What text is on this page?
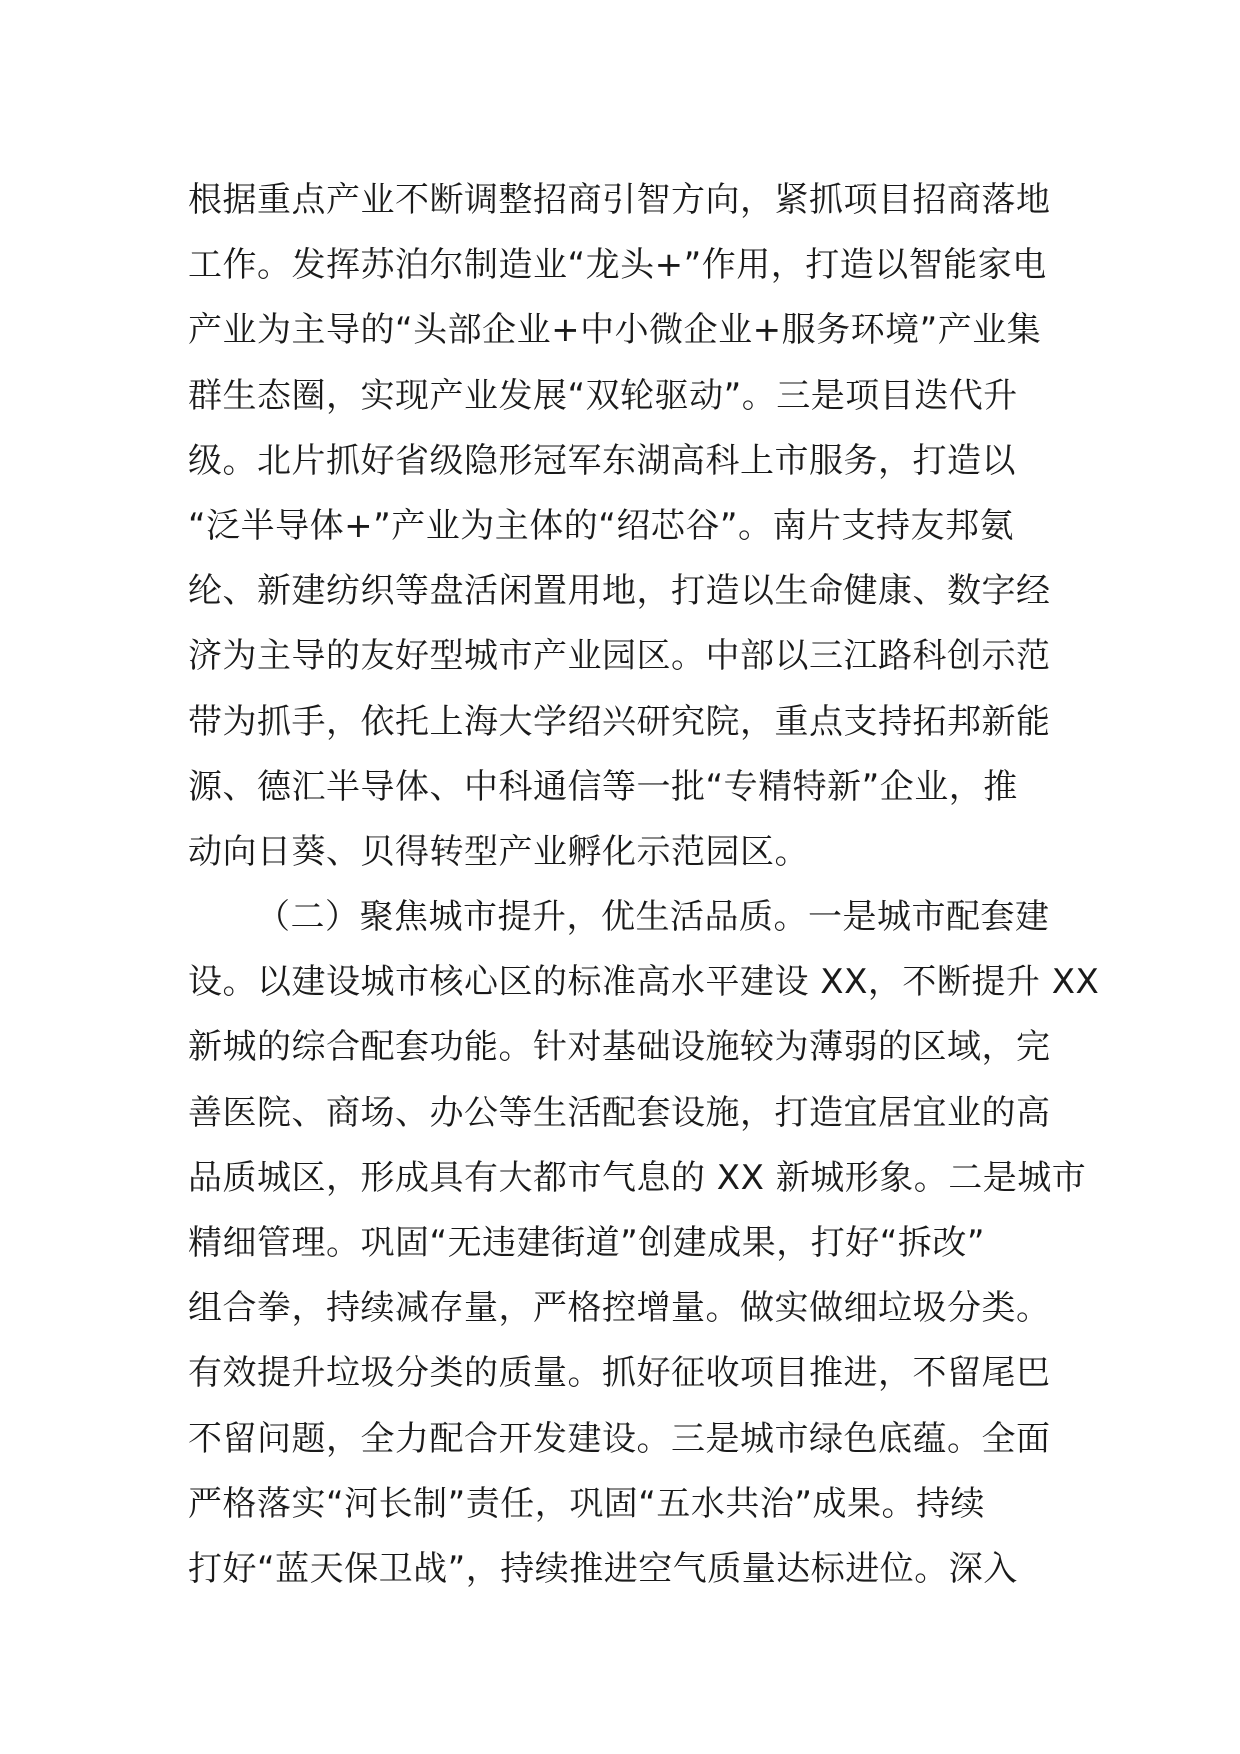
根据重点产业不断调整招商引智方向，紧抓项目招商落地
工作。发挥苏泊尔制造业“龙头+”作用，打造以智能家电
产业为主导的“头部企业+中小微企业+服务环境”产业集
群生态圈，实现产业发展“双轮驱动”。三是项目迭代升
级。北片抓好省级隐形冠军东湖高科上市服务，打造以
“泛半导体+”产业为主体的“绍芯谷”。南片支持友邦氨
纶、新建纺织等盘活闲置用地，打造以生命健康、数字经
济为主导的友好型城市产业园区。中部以三江路科创示范
带为抓手，依托上海大学绍兴研究院，重点支持拓邦新能
源、德汇半导体、中科通信等一批“专精特新”企业，推
动向日葵、贝得转型产业孵化示范园区。
（二）聚焦城市提升，优生活品质。一是城市配套建
设。以建设城市核心区的标准高水平建设 XX，不断提升 XX
新城的综合配套功能。针对基础设施较为薄弱的区域，完
善医院、商场、办公等生活配套设施，打造宜居宜业的高
品质城区，形成具有大都市气息的 XX 新城形象。二是城市
精细管理。巩固“无违建街道”创建成果，打好“拆改”
组合拳，持续减存量，严格控增量。做实做细垃圾分类。
有效提升垃圾分类的质量。抓好征收项目推进，不留尾巴
不留问题，全力配合开发建设。三是城市绿色底蕴。全面
严格落实“河长制”责任，巩固“五水共治”成果。持续
打好“蓝天保卫战”，持续推进空气质量达标进位。深入
